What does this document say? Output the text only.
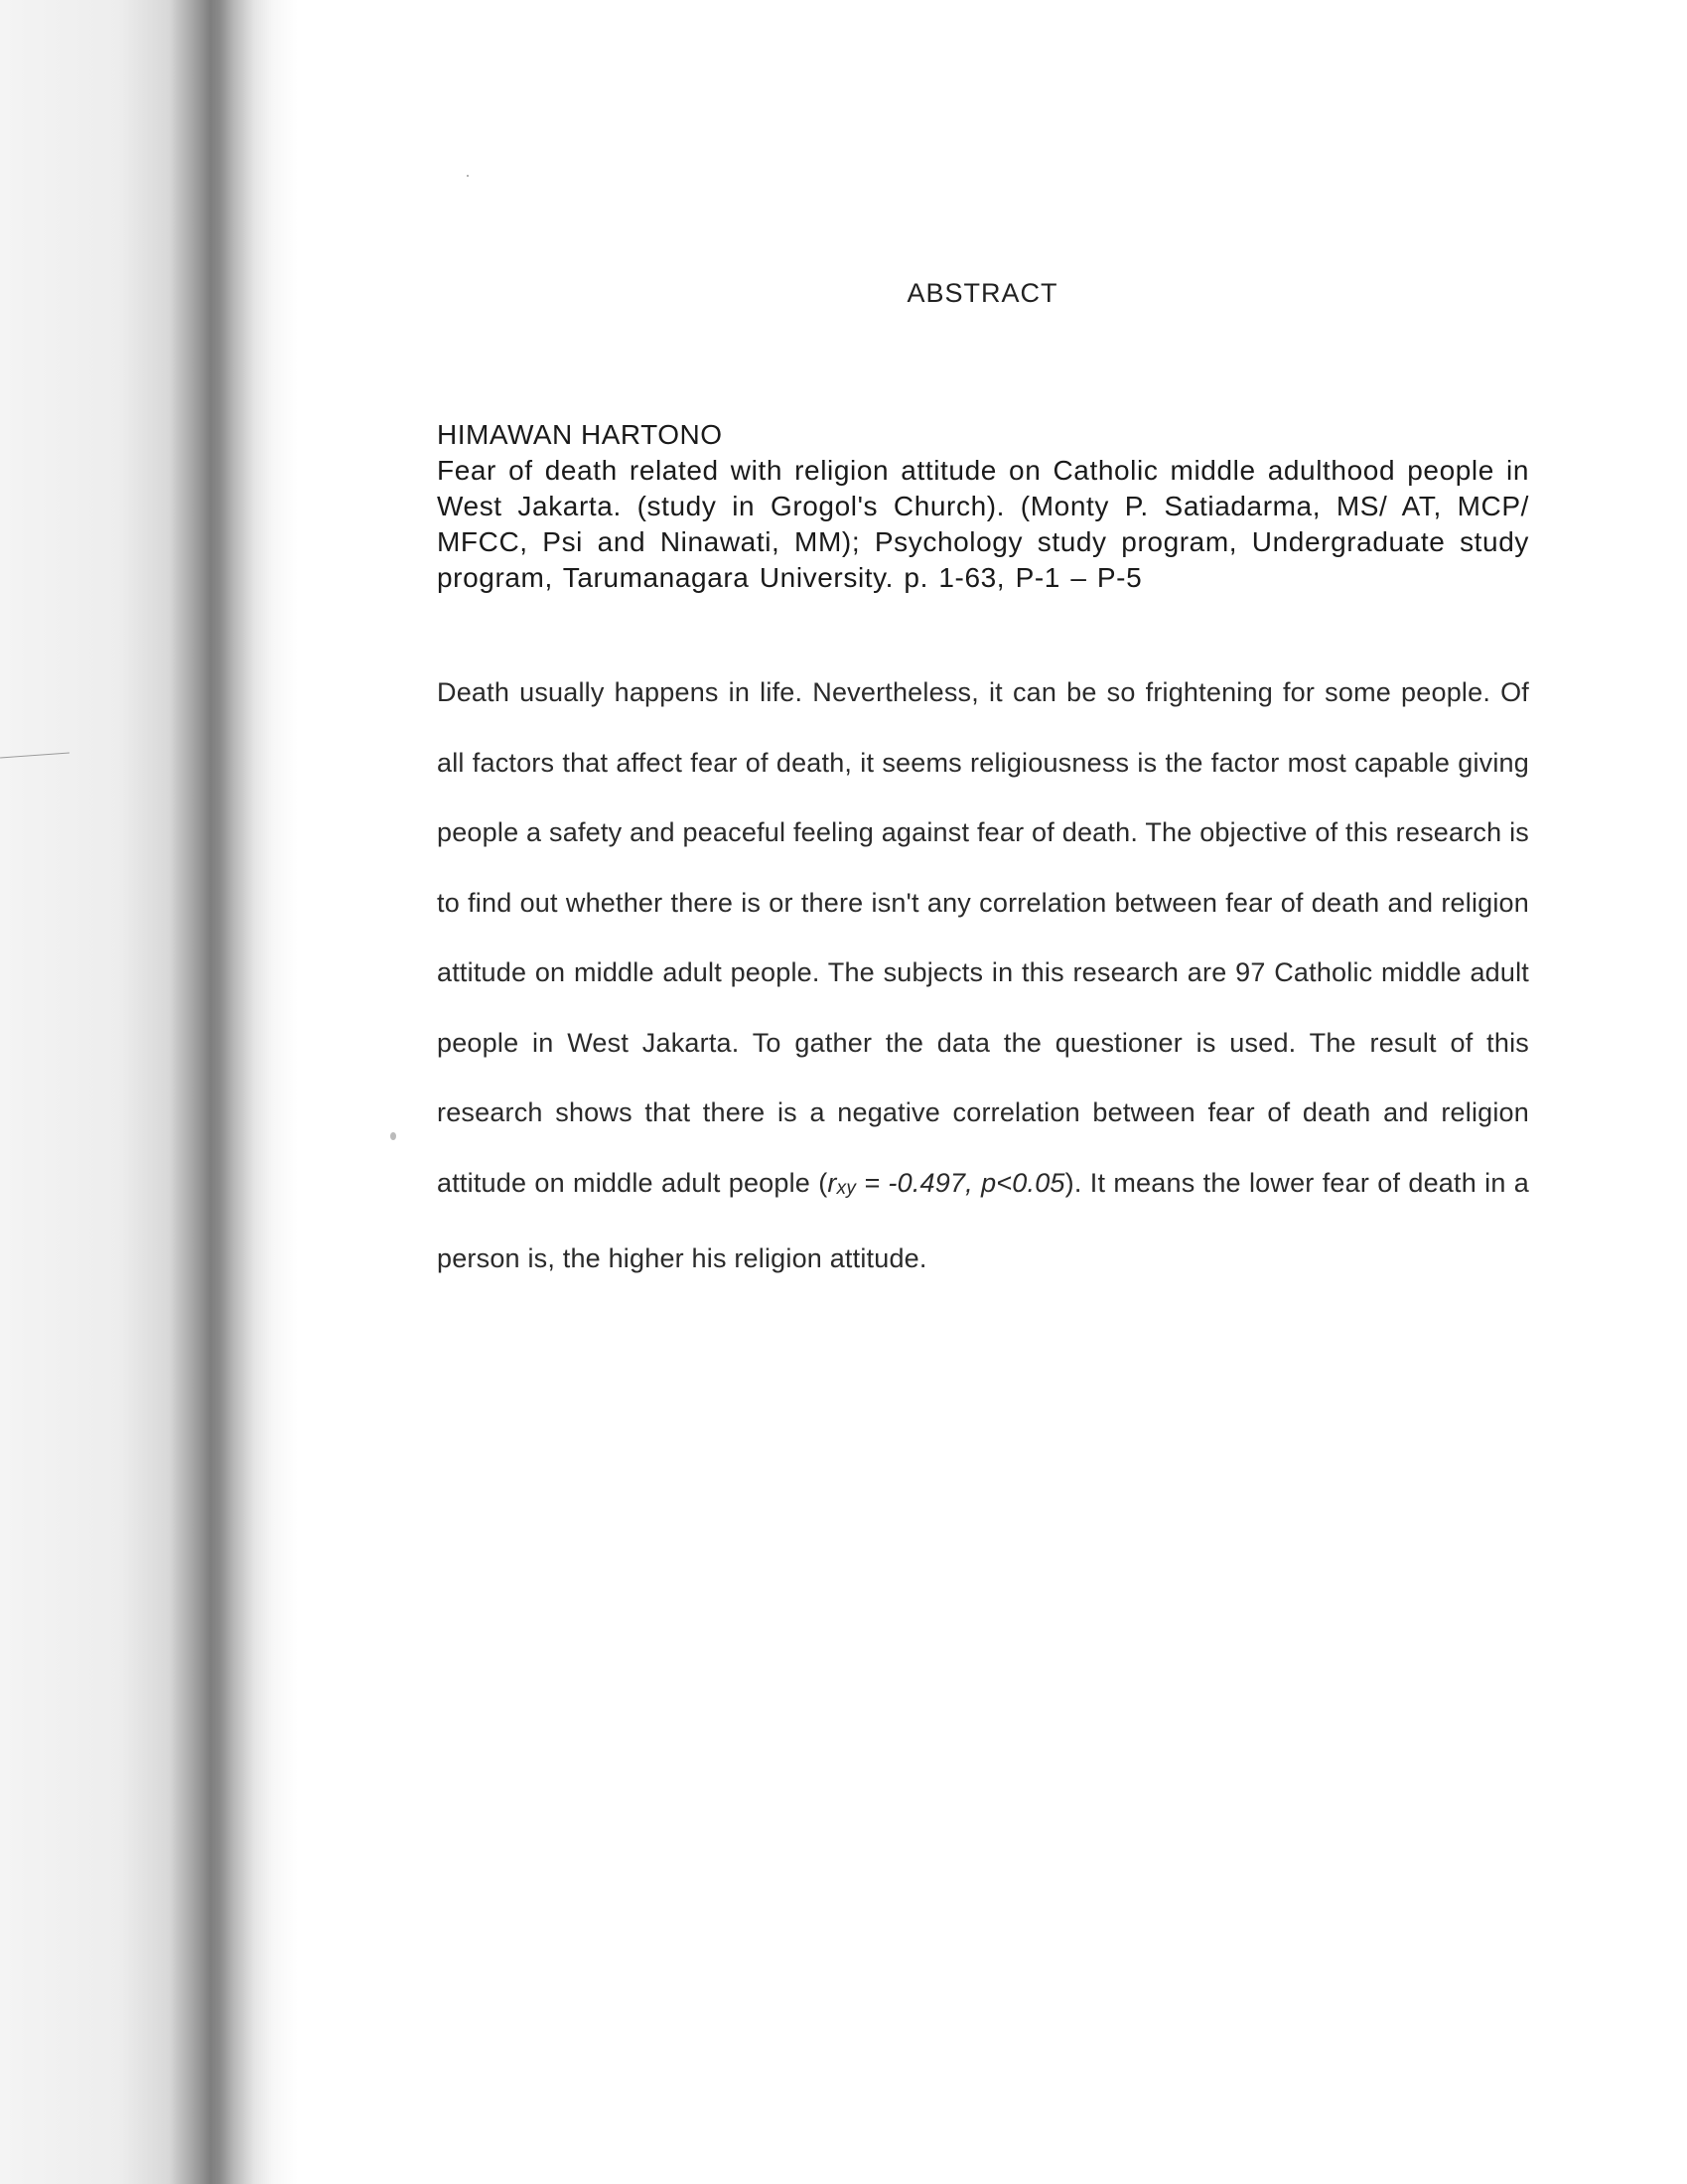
ABSTRACT
HIMAWAN HARTONO
Fear of death related with religion attitude on Catholic middle adulthood people in West Jakarta. (study in Grogol's Church). (Monty P. Satiadarma, MS/ AT, MCP/ MFCC, Psi and Ninawati, MM); Psychology study program, Undergraduate study program, Tarumanagara University. p. 1-63, P-1 – P-5
Death usually happens in life. Nevertheless, it can be so frightening for some people. Of all factors that affect fear of death, it seems religiousness is the factor most capable giving people a safety and peaceful feeling against fear of death. The objective of this research is to find out whether there is or there isn't any correlation between fear of death and religion attitude on middle adult people. The subjects in this research are 97 Catholic middle adult people in West Jakarta. To gather the data the questioner is used. The result of this research shows that there is a negative correlation between fear of death and religion attitude on middle adult people (rxy = -0.497, p<0.05). It means the lower fear of death in a person is, the higher his religion attitude.
